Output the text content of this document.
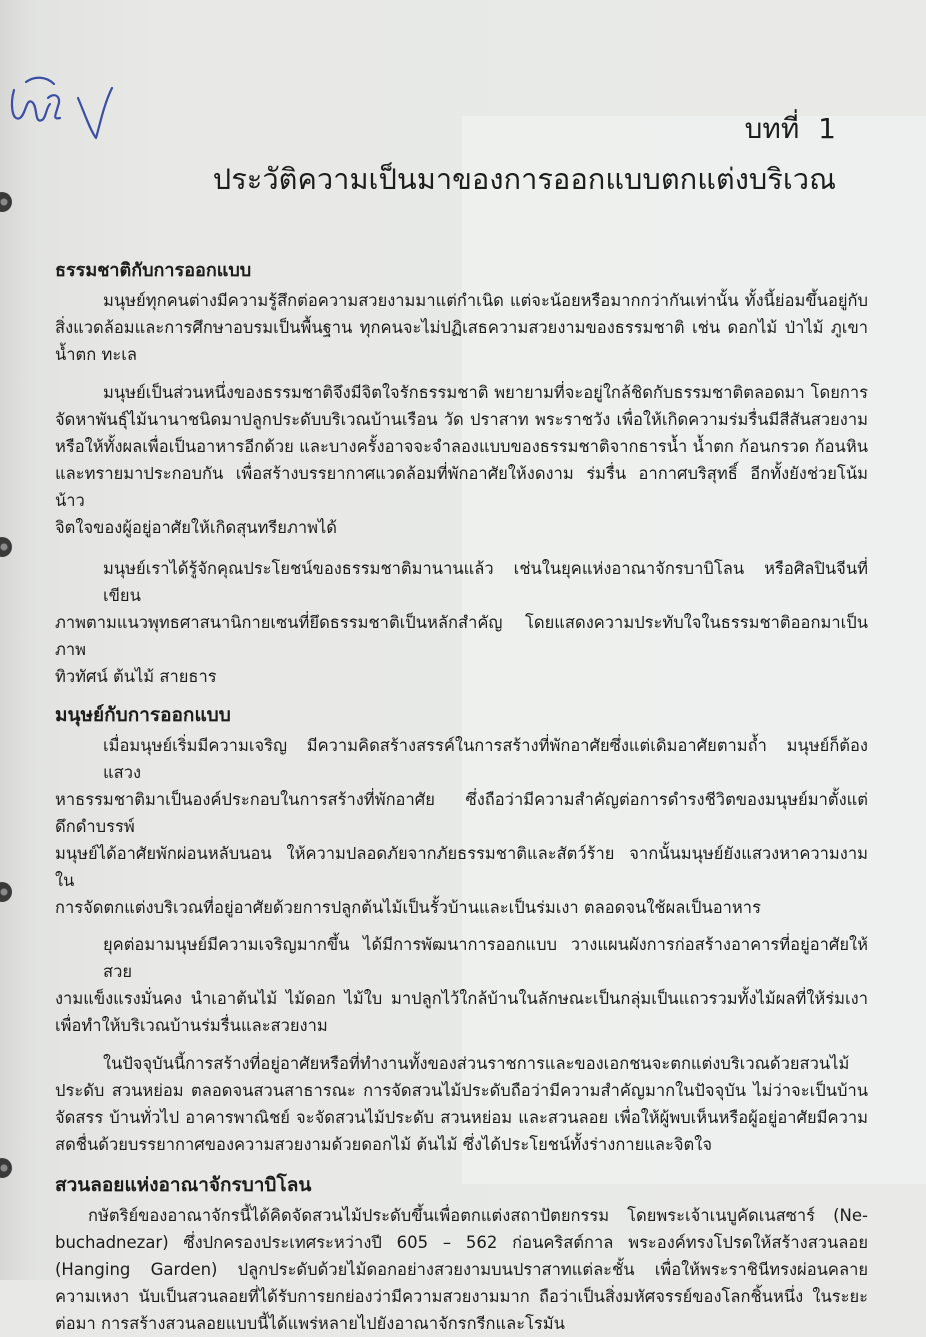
บทที่ 1
ประวัติความเป็นมาของการออกแบบตกแต่งบริเวณ
ธรรมชาติกับการออกแบบ
มนุษย์ทุกคนต่างมีความรู้สึกต่อความสวยงามมาแต่กำเนิด แต่จะน้อยหรือมากกว่ากันเท่านั้น ทั้งนี้ย่อมขึ้นอยู่กับ
สิ่งแวดล้อมและการศึกษาอบรมเป็นพื้นฐาน ทุกคนจะไม่ปฏิเสธความสวยงามของธรรมชาติ เช่น ดอกไม้ ป่าไม้ ภูเขา
น้ำตก ทะเล
มนุษย์เป็นส่วนหนึ่งของธรรมชาติจึงมีจิตใจรักธรรมชาติ พยายามที่จะอยู่ใกล้ชิดกับธรรมชาติตลอดมา โดยการ
จัดหาพันธุ์ไม้นานาชนิดมาปลูกประดับบริเวณบ้านเรือน วัด ปราสาท พระราชวัง เพื่อให้เกิดความร่มรื่นมีสีสันสวยงาม
หรือให้ทั้งผลเพื่อเป็นอาหารอีกด้วย และบางครั้งอาจจะจำลองแบบของธรรมชาติจากธารน้ำ น้ำตก ก้อนกรวด ก้อนหิน
และทรายมาประกอบกัน เพื่อสร้างบรรยากาศแวดล้อมที่พักอาศัยให้งดงาม ร่มรื่น อากาศบริสุทธิ์ อีกทั้งยังช่วยโน้มน้าว
จิตใจของผู้อยู่อาศัยให้เกิดสุนทรียภาพได้
มนุษย์เราได้รู้จักคุณประโยชน์ของธรรมชาติมานานแล้ว เช่นในยุคแห่งอาณาจักรบาบิโลน หรือศิลปินจีนที่เขียน
ภาพตามแนวพุทธศาสนานิกายเซนที่ยึดธรรมชาติเป็นหลักสำคัญ โดยแสดงความประทับใจในธรรมชาติออกมาเป็นภาพ
ทิวทัศน์ ต้นไม้ สายธาร
มนุษย์กับการออกแบบ
เมื่อมนุษย์เริ่มมีความเจริญ มีความคิดสร้างสรรค์ในการสร้างที่พักอาศัยซึ่งแต่เดิมอาศัยตามถ้ำ มนุษย์ก็ต้องแสวง
หาธรรมชาติมาเป็นองค์ประกอบในการสร้างที่พักอาศัย ซึ่งถือว่ามีความสำคัญต่อการดำรงชีวิตของมนุษย์มาตั้งแต่ดึกดำบรรพ์
มนุษย์ได้อาศัยพักผ่อนหลับนอน ให้ความปลอดภัยจากภัยธรรมชาติและสัตว์ร้าย จากนั้นมนุษย์ยังแสวงหาความงามใน
การจัดตกแต่งบริเวณที่อยู่อาศัยด้วยการปลูกต้นไม้เป็นรั้วบ้านและเป็นร่มเงา ตลอดจนใช้ผลเป็นอาหาร
ยุคต่อมามนุษย์มีความเจริญมากขึ้น ได้มีการพัฒนาการออกแบบ วางแผนผังการก่อสร้างอาคารที่อยู่อาศัยให้สวย
งามแข็งแรงมั่นคง นำเอาต้นไม้ ไม้ดอก ไม้ใบ มาปลูกไว้ใกล้บ้านในลักษณะเป็นกลุ่มเป็นแถวรวมทั้งไม้ผลที่ให้ร่มเงา
เพื่อทำให้บริเวณบ้านร่มรื่นและสวยงาม
ในปัจจุบันนี้การสร้างที่อยู่อาศัยหรือที่ทำงานทั้งของส่วนราชการและของเอกชนจะตกแต่งบริเวณด้วยสวนไม้
ประดับ สวนหย่อม ตลอดจนสวนสาธารณะ การจัดสวนไม้ประดับถือว่ามีความสำคัญมากในปัจจุบัน ไม่ว่าจะเป็นบ้าน
จัดสรร บ้านทั่วไป อาคารพาณิชย์ จะจัดสวนไม้ประดับ สวนหย่อม และสวนลอย เพื่อให้ผู้พบเห็นหรือผู้อยู่อาศัยมีความ
สดชื่นด้วยบรรยากาศของความสวยงามด้วยดอกไม้ ต้นไม้ ซึ่งได้ประโยชน์ทั้งร่างกายและจิตใจ
สวนลอยแห่งอาณาจักรบาบิโลน
กษัตริย์ของอาณาจักรนี้ได้คิดจัดสวนไม้ประดับขึ้นเพื่อตกแต่งสถาปัตยกรรม โดยพระเจ้าเนบูคัดเนสซาร์ (Ne-
buchadnezar) ซึ่งปกครองประเทศระหว่างปี 605 – 562 ก่อนคริสต์กาล พระองค์ทรงโปรดให้สร้างสวนลอย
(Hanging Garden) ปลูกประดับด้วยไม้ดอกอย่างสวยงามบนปราสาทแต่ละชั้น เพื่อให้พระราชินีทรงผ่อนคลาย
ความเหงา นับเป็นสวนลอยที่ได้รับการยกย่องว่ามีความสวยงามมาก ถือว่าเป็นสิ่งมหัศจรรย์ของโลกชิ้นหนึ่ง ในระยะ
ต่อมา การสร้างสวนลอยแบบนี้ได้แพร่หลายไปยังอาณาจักรกรีกและโรมัน
